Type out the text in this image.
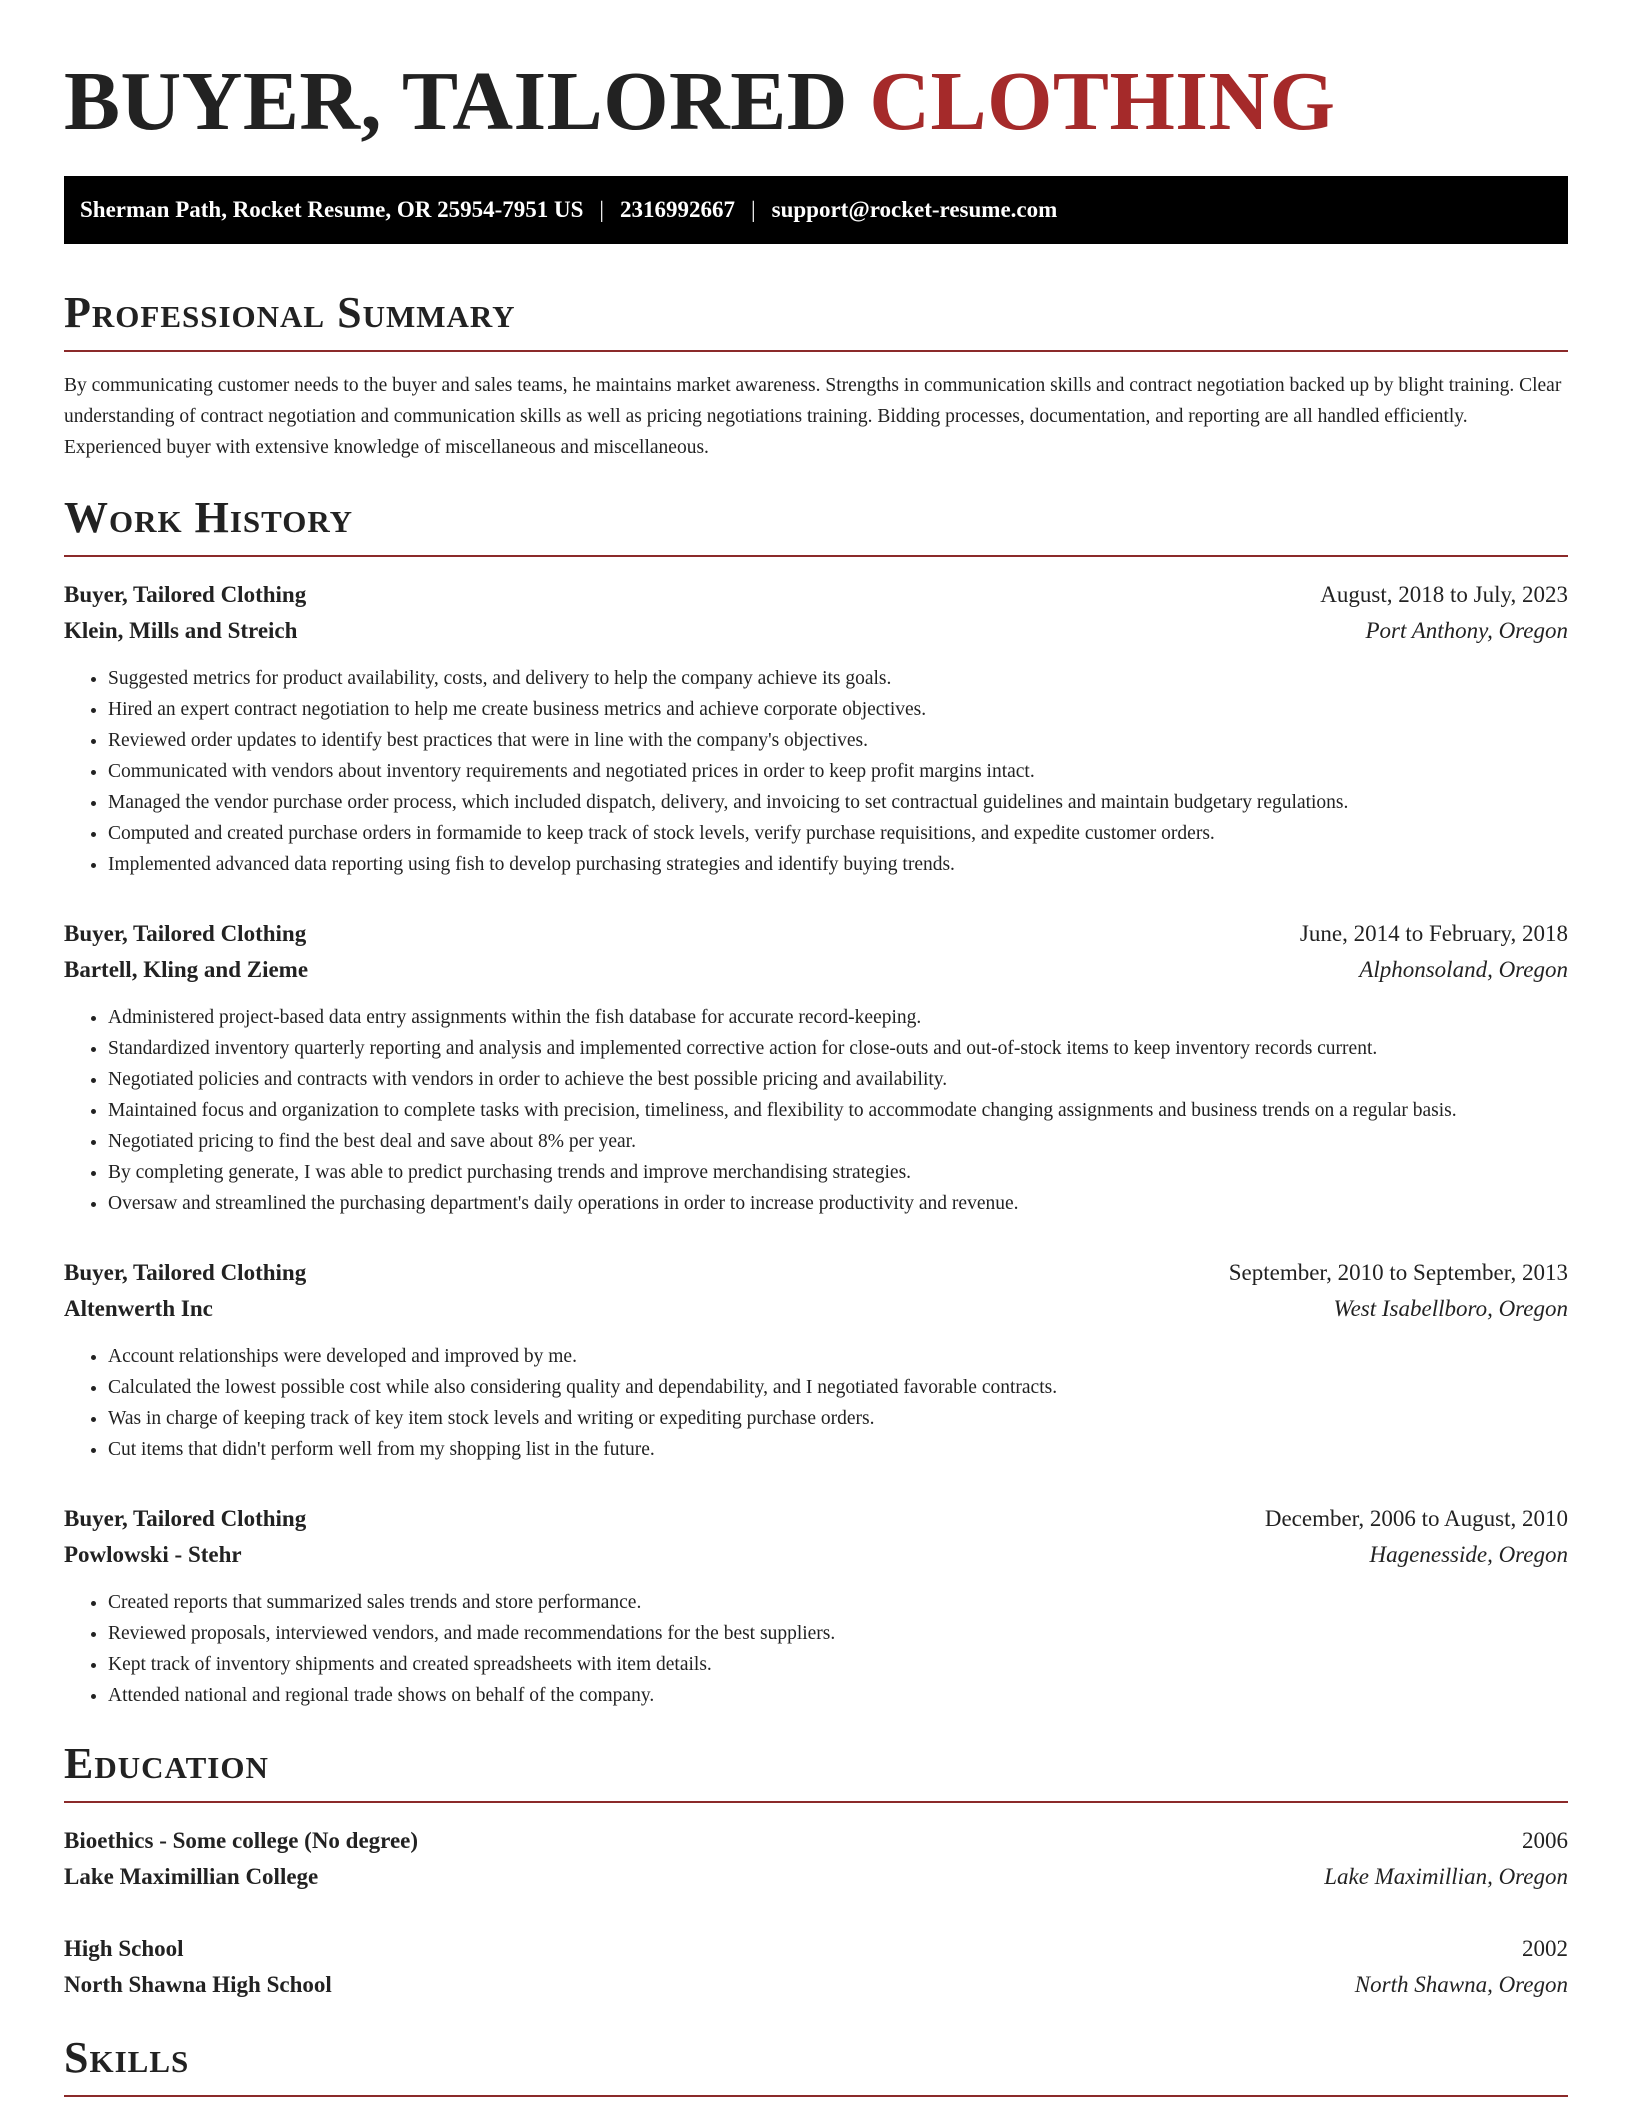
BUYER, TAILORED CLOTHING
Sherman Path, Rocket Resume, OR 25954-7951 US | 2316992667 | support@rocket-resume.com
Professional Summary

By communicating customer needs to the buyer and sales teams, he maintains market awareness. Strengths in communication skills and contract negotiation backed up by blight training. Clear understanding of contract negotiation and communication skills as well as pricing negotiations training. Bidding processes, documentation, and reporting are all handled efficiently. Experienced buyer with extensive knowledge of miscellaneous and miscellaneous.

Work History
Buyer, Tailored Clothing	August, 2018 to July, 2023
Klein, Mills and Streich	Port Anthony, Oregon
• Suggested metrics for product availability, costs, and delivery to help the company achieve its goals.
• Hired an expert contract negotiation to help me create business metrics and achieve corporate objectives.
• Reviewed order updates to identify best practices that were in line with the company's objectives.
• Communicated with vendors about inventory requirements and negotiated prices in order to keep profit margins intact.
• Managed the vendor purchase order process, which included dispatch, delivery, and invoicing to set contractual guidelines and maintain budgetary regulations.
• Computed and created purchase orders in formamide to keep track of stock levels, verify purchase requisitions, and expedite customer orders.
• Implemented advanced data reporting using fish to develop purchasing strategies and identify buying trends.
Buyer, Tailored Clothing	June, 2014 to February, 2018
Bartell, Kling and Zieme	Alphonsoland, Oregon
• Administered project-based data entry assignments within the fish database for accurate record-keeping.
• Standardized inventory quarterly reporting and analysis and implemented corrective action for close-outs and out-of-stock items to keep inventory records current.
• Negotiated policies and contracts with vendors in order to achieve the best possible pricing and availability.
• Maintained focus and organization to complete tasks with precision, timeliness, and flexibility to accommodate changing assignments and business trends on a regular basis.
• Negotiated pricing to find the best deal and save about 8% per year.
• By completing generate, I was able to predict purchasing trends and improve merchandising strategies.
• Oversaw and streamlined the purchasing department's daily operations in order to increase productivity and revenue.
Buyer, Tailored Clothing	September, 2010 to September, 2013
Altenwerth Inc	West Isabellboro, Oregon
• Account relationships were developed and improved by me.
• Calculated the lowest possible cost while also considering quality and dependability, and I negotiated favorable contracts.
• Was in charge of keeping track of key item stock levels and writing or expediting purchase orders.
• Cut items that didn't perform well from my shopping list in the future.
Buyer, Tailored Clothing	December, 2006 to August, 2010
Powlowski - Stehr	Hagenesside, Oregon
• Created reports that summarized sales trends and store performance.
• Reviewed proposals, interviewed vendors, and made recommendations for the best suppliers.
• Kept track of inventory shipments and created spreadsheets with item details.
• Attended national and regional trade shows on behalf of the company.
Education
Bioethics - Some college (No degree)	2006
Lake Maximillian College	Lake Maximillian, Oregon
High School	2002
North Shawna High School	North Shawna, Oregon
Skills
